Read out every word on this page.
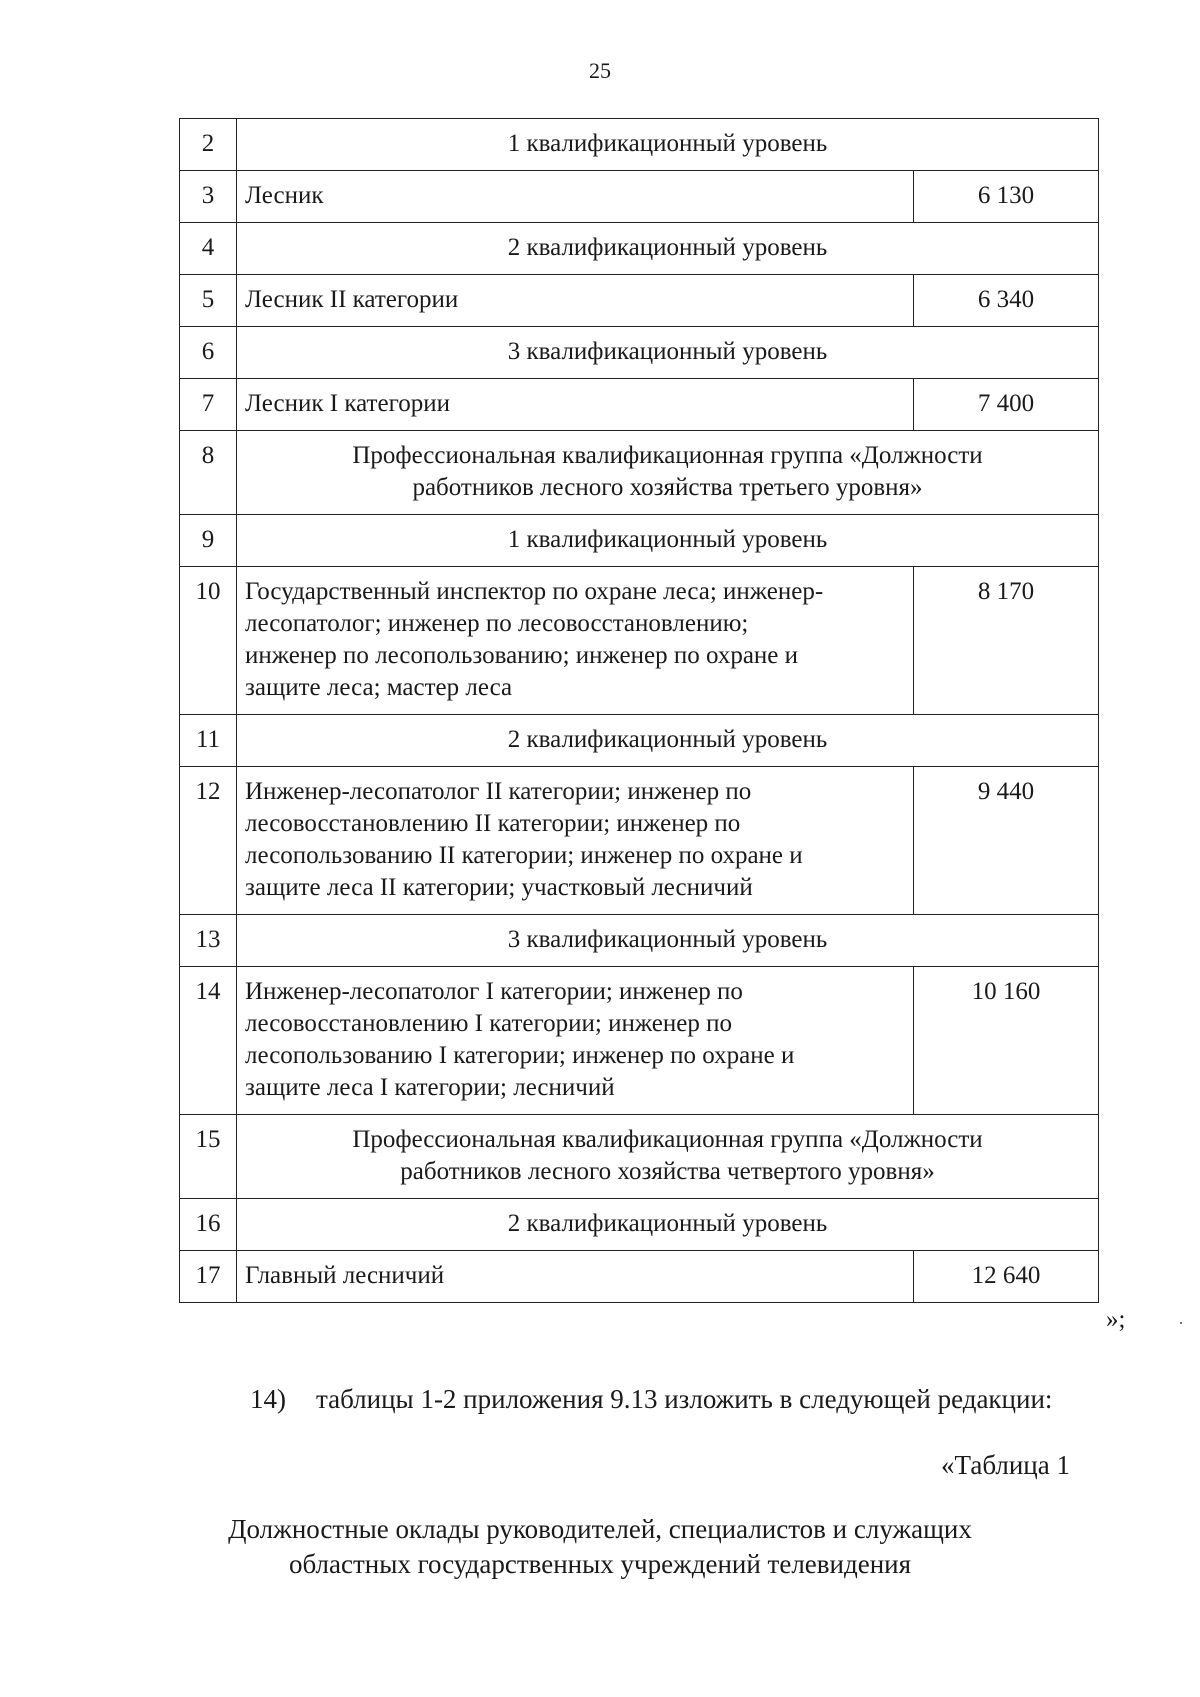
25
2	1 квалификационный уровень	
3	Лесник	6 130
4	2 квалификационный уровень	
5	Лесник II категории	6 340
6	3 квалификационный уровень	
7	Лесник I категории	7 400
8	Профессиональная квалификационная группа «Должности
работников лесного хозяйства третьего уровня»	

9	1 квалификационный уровень	
10	Государственный инспектор по охране леса; инженер-
лесопатолог; инженер по лесовосстановлению;
инженер по лесопользованию; инженер по охране и
защите леса; мастер леса	8 170
11	2 квалификационный уровень	
12	Инженер-лесопатолог II категории; инженер по
лесовосстановлению II категории; инженер по
лесопользованию II категории; инженер по охране и
защите леса II категории; участковый лесничий	9 440
13	3 квалификационный уровень	
14	Инженер-лесопатолог I категории; инженер по
лесовосстановлению I категории; инженер по
лесопользованию I категории; инженер по охране и
защите леса I категории; лесничий	10 160
15	Профессиональная квалификационная группа «Должности
работников лесного хозяйства четвертого уровня»	

16	2 квалификационный уровень	
17	Главный лесничий	12 640
»;
14) таблицы 1-2 приложения 9.13 изложить в следующей редакции:
«Таблица 1
Должностные оклады руководителей, специалистов и служащих
областных государственных учреждений телевидения
